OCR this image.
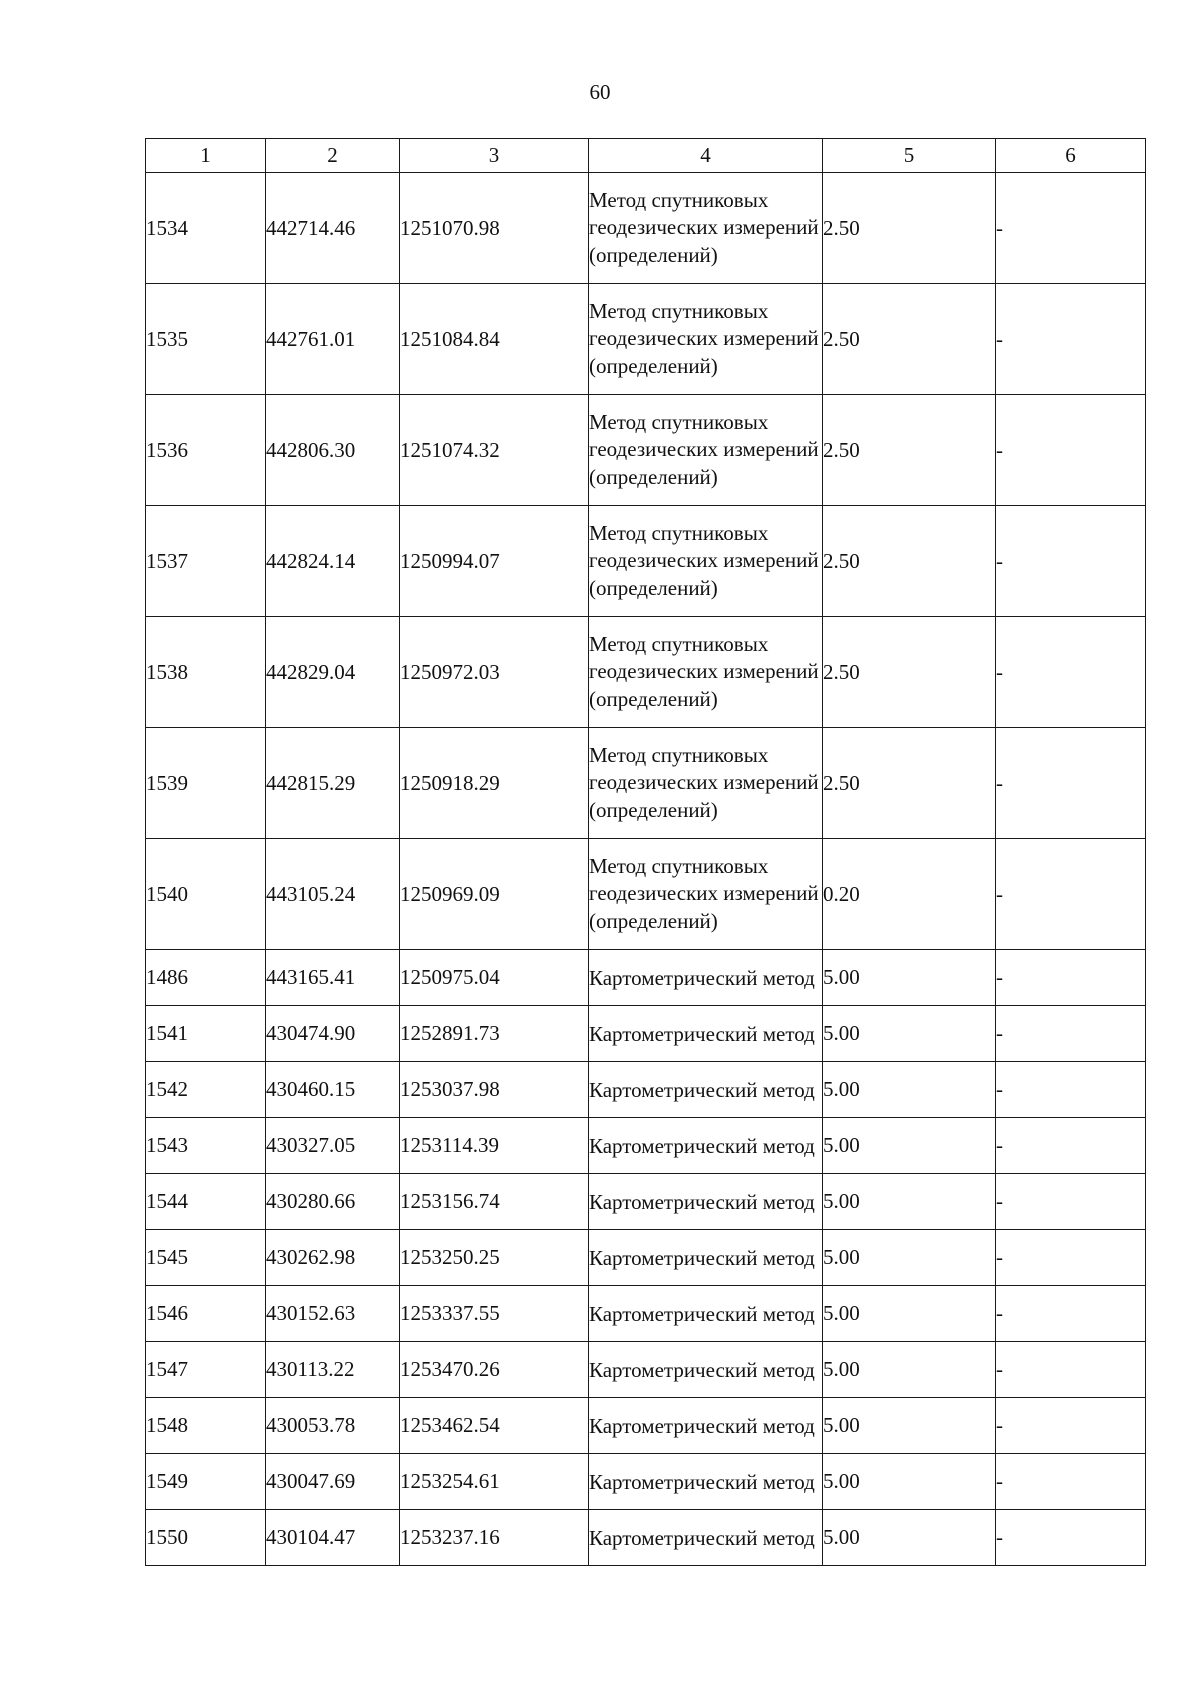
60
1	2	3	4	5	6
1534	442714.46	1251070.98	Метод спутниковых геодезических измерений (определений)	2.50	-
1535	442761.01	1251084.84	Метод спутниковых геодезических измерений (определений)	2.50	-
1536	442806.30	1251074.32	Метод спутниковых геодезических измерений (определений)	2.50	-
1537	442824.14	1250994.07	Метод спутниковых геодезических измерений (определений)	2.50	-
1538	442829.04	1250972.03	Метод спутниковых геодезических измерений (определений)	2.50	-
1539	442815.29	1250918.29	Метод спутниковых геодезических измерений (определений)	2.50	-
1540	443105.24	1250969.09	Метод спутниковых геодезических измерений (определений)	0.20	-
1486	443165.41	1250975.04	Картометрический метод	5.00	-
1541	430474.90	1252891.73	Картометрический метод	5.00	-
1542	430460.15	1253037.98	Картометрический метод	5.00	-
1543	430327.05	1253114.39	Картометрический метод	5.00	-
1544	430280.66	1253156.74	Картометрический метод	5.00	-
1545	430262.98	1253250.25	Картометрический метод	5.00	-
1546	430152.63	1253337.55	Картометрический метод	5.00	-
1547	430113.22	1253470.26	Картометрический метод	5.00	-
1548	430053.78	1253462.54	Картометрический метод	5.00	-
1549	430047.69	1253254.61	Картометрический метод	5.00	-
1550	430104.47	1253237.16	Картометрический метод	5.00	-
